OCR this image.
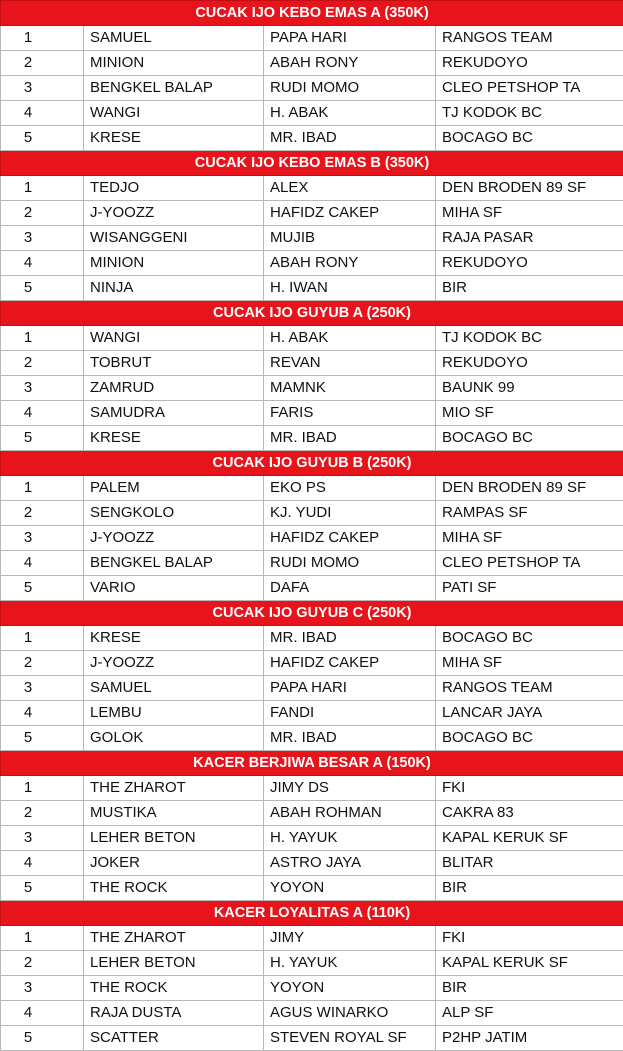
CUCAK IJO KEBO EMAS A (350K)			
1	SAMUEL	PAPA HARI	RANGOS TEAM
2	MINION	ABAH RONY	REKUDOYO
3	BENGKEL BALAP	RUDI MOMO	CLEO PETSHOP TA
4	WANGI	H. ABAK	TJ KODOK BC
5	KRESE	MR. IBAD	BOCAGO BC
CUCAK IJO KEBO EMAS B (350K)			
1	TEDJO	ALEX	DEN BRODEN 89 SF
2	J-YOOZZ	HAFIDZ CAKEP	MIHA SF
3	WISANGGENI	MUJIB	RAJA PASAR
4	MINION	ABAH RONY	REKUDOYO
5	NINJA	H. IWAN	BIR
CUCAK IJO GUYUB A (250K)			
1	WANGI	H. ABAK	TJ KODOK BC
2	TOBRUT	REVAN	REKUDOYO
3	ZAMRUD	MAMNK	BAUNK 99
4	SAMUDRA	FARIS	MIO SF
5	KRESE	MR. IBAD	BOCAGO BC
CUCAK IJO GUYUB B (250K)			
1	PALEM	EKO PS	DEN BRODEN 89 SF
2	SENGKOLO	KJ. YUDI	RAMPAS SF
3	J-YOOZZ	HAFIDZ CAKEP	MIHA SF
4	BENGKEL BALAP	RUDI MOMO	CLEO PETSHOP TA
5	VARIO	DAFA	PATI SF
CUCAK IJO GUYUB C (250K)			
1	KRESE	MR. IBAD	BOCAGO BC
2	J-YOOZZ	HAFIDZ CAKEP	MIHA SF
3	SAMUEL	PAPA HARI	RANGOS TEAM
4	LEMBU	FANDI	LANCAR JAYA
5	GOLOK	MR. IBAD	BOCAGO BC
KACER BERJIWA BESAR A (150K)			
1	THE ZHAROT	JIMY DS	FKI
2	MUSTIKA	ABAH ROHMAN	CAKRA 83
3	LEHER BETON	H. YAYUK	KAPAL KERUK SF
4	JOKER	ASTRO JAYA	BLITAR
5	THE ROCK	YOYON	BIR
KACER LOYALITAS A (110K)			
1	THE ZHAROT	JIMY	FKI
2	LEHER BETON	H. YAYUK	KAPAL KERUK SF
3	THE ROCK	YOYON	BIR
4	RAJA DUSTA	AGUS WINARKO	ALP SF
5	SCATTER	STEVEN ROYAL SF	P2HP JATIM
